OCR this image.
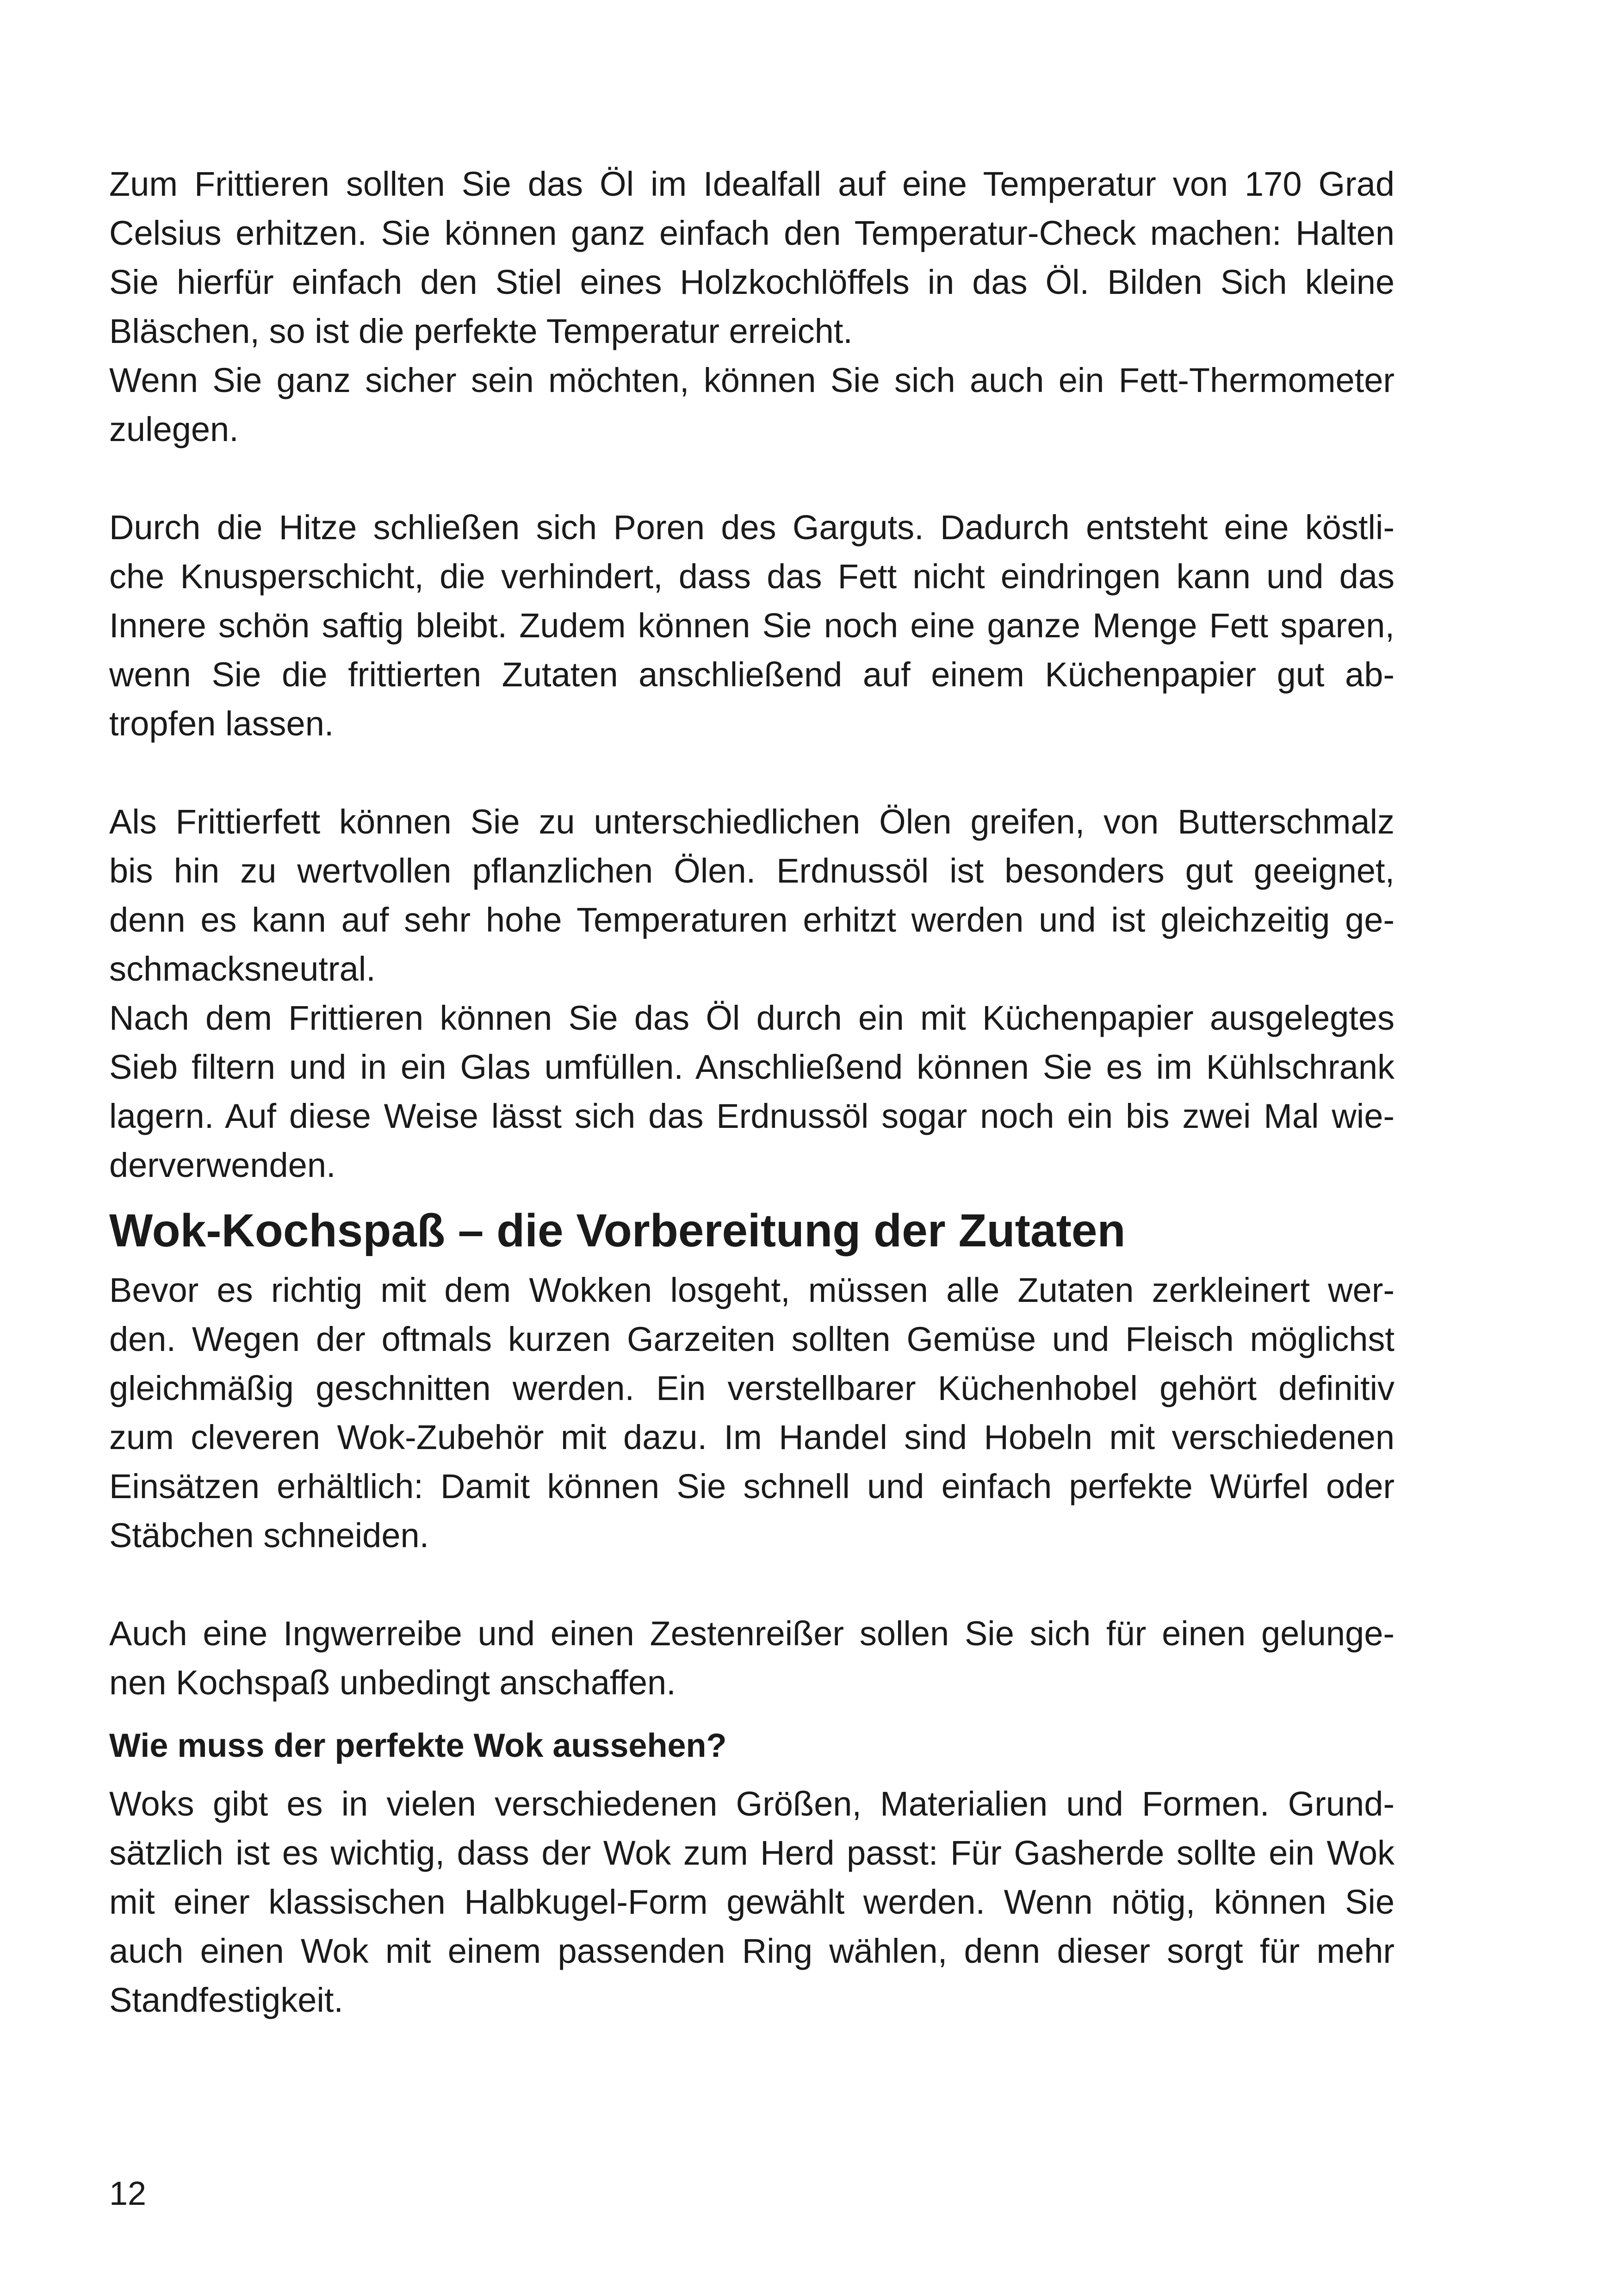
Zum Frittieren sollten Sie das Öl im Idealfall auf eine Temperatur von 170 Grad
Celsius erhitzen. Sie können ganz einfach den Temperatur-Check machen: Halten
Sie hierfür einfach den Stiel eines Holzkochlöffels in das Öl. Bilden Sich kleine
Bläschen, so ist die perfekte Temperatur erreicht.
Wenn Sie ganz sicher sein möchten, können Sie sich auch ein Fett-Thermometer
zulegen.
Durch die Hitze schließen sich Poren des Garguts. Dadurch entsteht eine köstli-
che Knusperschicht, die verhindert, dass das Fett nicht eindringen kann und das
Innere schön saftig bleibt. Zudem können Sie noch eine ganze Menge Fett sparen,
wenn Sie die frittierten Zutaten anschließend auf einem Küchenpapier gut ab-
tropfen lassen.
Als Frittierfett können Sie zu unterschiedlichen Ölen greifen, von Butterschmalz
bis hin zu wertvollen pflanzlichen Ölen. Erdnussöl ist besonders gut geeignet,
denn es kann auf sehr hohe Temperaturen erhitzt werden und ist gleichzeitig ge-
schmacksneutral.
Nach dem Frittieren können Sie das Öl durch ein mit Küchenpapier ausgelegtes
Sieb filtern und in ein Glas umfüllen. Anschließend können Sie es im Kühlschrank
lagern. Auf diese Weise lässt sich das Erdnussöl sogar noch ein bis zwei Mal wie-
derverwenden.
Wok-Kochspaß – die Vorbereitung der Zutaten
Bevor es richtig mit dem Wokken losgeht, müssen alle Zutaten zerkleinert wer-
den. Wegen der oftmals kurzen Garzeiten sollten Gemüse und Fleisch möglichst
gleichmäßig geschnitten werden. Ein verstellbarer Küchenhobel gehört definitiv
zum cleveren Wok-Zubehör mit dazu. Im Handel sind Hobeln mit verschiedenen
Einsätzen erhältlich: Damit können Sie schnell und einfach perfekte Würfel oder
Stäbchen schneiden.
Auch eine Ingwerreibe und einen Zestenreißer sollen Sie sich für einen gelunge-
nen Kochspaß unbedingt anschaffen.
Wie muss der perfekte Wok aussehen?
Woks gibt es in vielen verschiedenen Größen, Materialien und Formen. Grund-
sätzlich ist es wichtig, dass der Wok zum Herd passt: Für Gasherde sollte ein Wok
mit einer klassischen Halbkugel-Form gewählt werden. Wenn nötig, können Sie
auch einen Wok mit einem passenden Ring wählen, denn dieser sorgt für mehr
Standfestigkeit.
12
